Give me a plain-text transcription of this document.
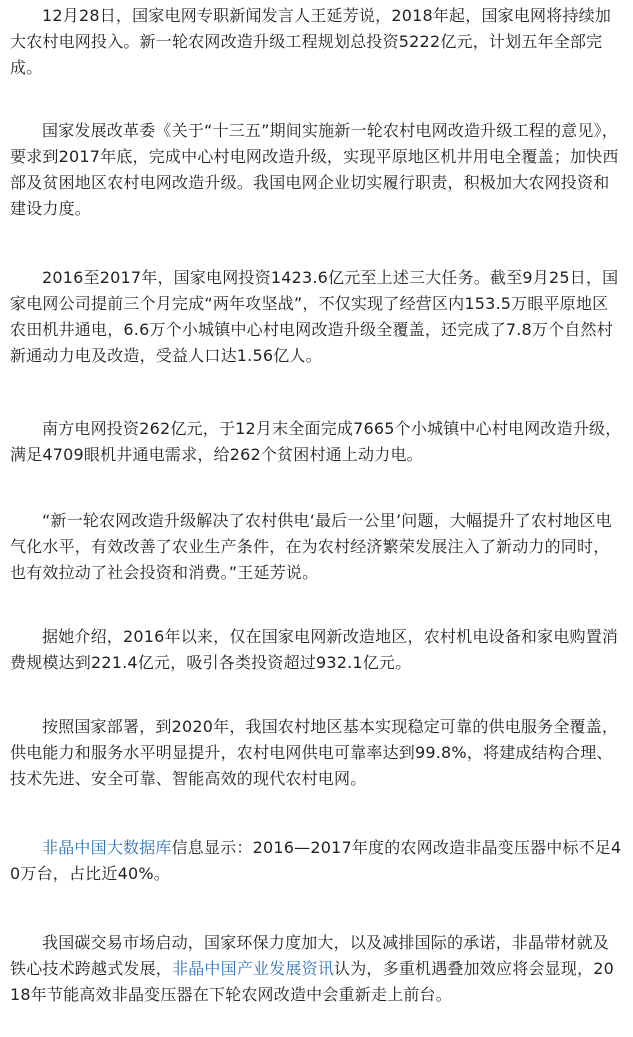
12月28日，国家电网专职新闻发言人王延芳说，2018年起，国家电网将持续加大农村电网投入。新一轮农网改造升级工程规划总投资5222亿元，计划五年全部完成。

国家发展改革委《关于“十三五”期间实施新一轮农村电网改造升级工程的意见》，要求到2017年底，完成中心村电网改造升级，实现平原地区机井用电全覆盖；加快西部及贫困地区农村电网改造升级。我国电网企业切实履行职责，积极加大农网投资和建设力度。

2016至2017年，国家电网投资1423.6亿元至上述三大任务。截至9月25日，国家电网公司提前三个月完成“两年攻坚战”，不仅实现了经营区内153.5万眼平原地区农田机井通电，6.6万个小城镇中心村电网改造升级全覆盖，还完成了7.8万个自然村新通动力电及改造，受益人口达1.56亿人。

南方电网投资262亿元，于12月末全面完成7665个小城镇中心村电网改造升级，满足4709眼机井通电需求，给262个贫困村通上动力电。

“新一轮农网改造升级解决了农村供电‘最后一公里’问题，大幅提升了农村地区电气化水平，有效改善了农业生产条件，在为农村经济繁荣发展注入了新动力的同时，也有效拉动了社会投资和消费。”王延芳说。

据她介绍，2016年以来，仅在国家电网新改造地区，农村机电设备和家电购置消费规模达到221.4亿元，吸引各类投资超过932.1亿元。

按照国家部署，到2020年，我国农村地区基本实现稳定可靠的供电服务全覆盖，供电能力和服务水平明显提升，农村电网供电可靠率达到99.8%，将建成结构合理、技术先进、安全可靠、智能高效的现代农村电网。

非晶中国大数据库信息显示：2016—2017年度的农网改造非晶变压器中标不足40万台，占比近40%。

我国碳交易市场启动，国家环保力度加大，以及减排国际的承诺，非晶带材就及铁心技术跨越式发展，非晶中国产业发展资讯认为，多重机遇叠加效应将会显现，2018年节能高效非晶变压器在下轮农网改造中会重新走上前台。
